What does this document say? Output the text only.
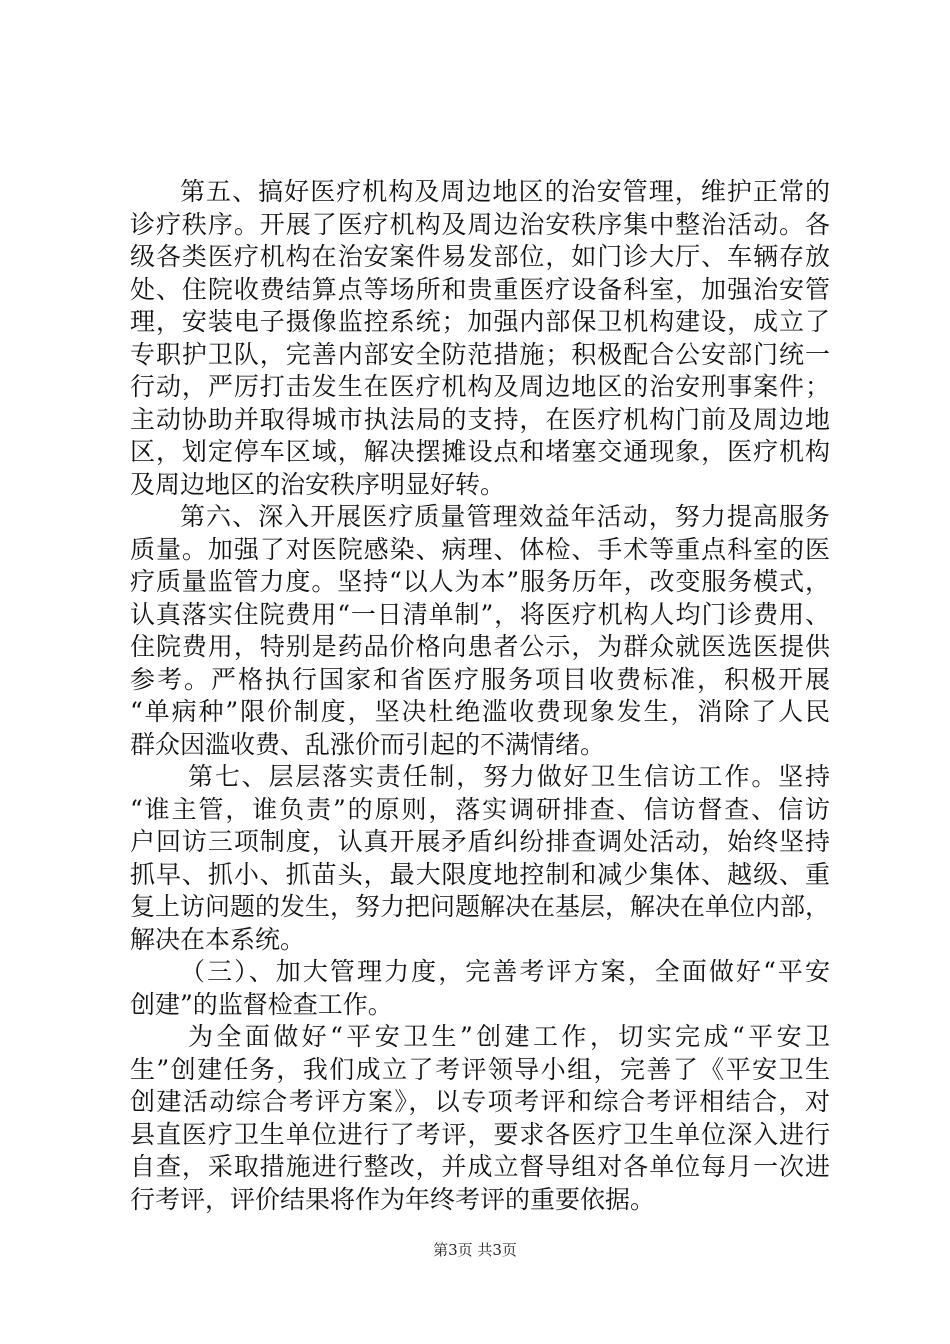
第五、搞好医疗机构及周边地区的治安管理，维护正常的
诊疗秩序。开展了医疗机构及周边治安秩序集中整治活动。各
级各类医疗机构在治安案件易发部位，如门诊大厅、车辆存放
处、住院收费结算点等场所和贵重医疗设备科室，加强治安管
理，安装电子摄像监控系统；加强内部保卫机构建设，成立了
专职护卫队，完善内部安全防范措施；积极配合公安部门统一
行动，严厉打击发生在医疗机构及周边地区的治安刑事案件；
主动协助并取得城市执法局的支持，在医疗机构门前及周边地
区，划定停车区域，解决摆摊设点和堵塞交通现象，医疗机构
及周边地区的治安秩序明显好转。
第六、深入开展医疗质量管理效益年活动，努力提高服务
质量。加强了对医院感染、病理、体检、手术等重点科室的医
疗质量监管力度。坚持“以人为本”服务历年，改变服务模式，
认真落实住院费用“一日清单制”，将医疗机构人均门诊费用、
住院费用，特别是药品价格向患者公示，为群众就医选医提供
参考。严格执行国家和省医疗服务项目收费标准，积极开展
“单病种”限价制度，坚决杜绝滥收费现象发生，消除了人民
群众因滥收费、乱涨价而引起的不满情绪。
第七、层层落实责任制，努力做好卫生信访工作。坚持
“谁主管，谁负责”的原则，落实调研排查、信访督查、信访
户回访三项制度，认真开展矛盾纠纷排查调处活动，始终坚持
抓早、抓小、抓苗头，最大限度地控制和减少集体、越级、重
复上访问题的发生，努力把问题解决在基层，解决在单位内部，
解决在本系统。
（三）、加大管理力度，完善考评方案，全面做好“平安
创建”的监督检查工作。
为全面做好“平安卫生”创建工作，切实完成“平安卫
生”创建任务，我们成立了考评领导小组，完善了《平安卫生
创建活动综合考评方案》，以专项考评和综合考评相结合，对
县直医疗卫生单位进行了考评，要求各医疗卫生单位深入进行
自查，采取措施进行整改，并成立督导组对各单位每月一次进
行考评，评价结果将作为年终考评的重要依据。
第3页 共3页
